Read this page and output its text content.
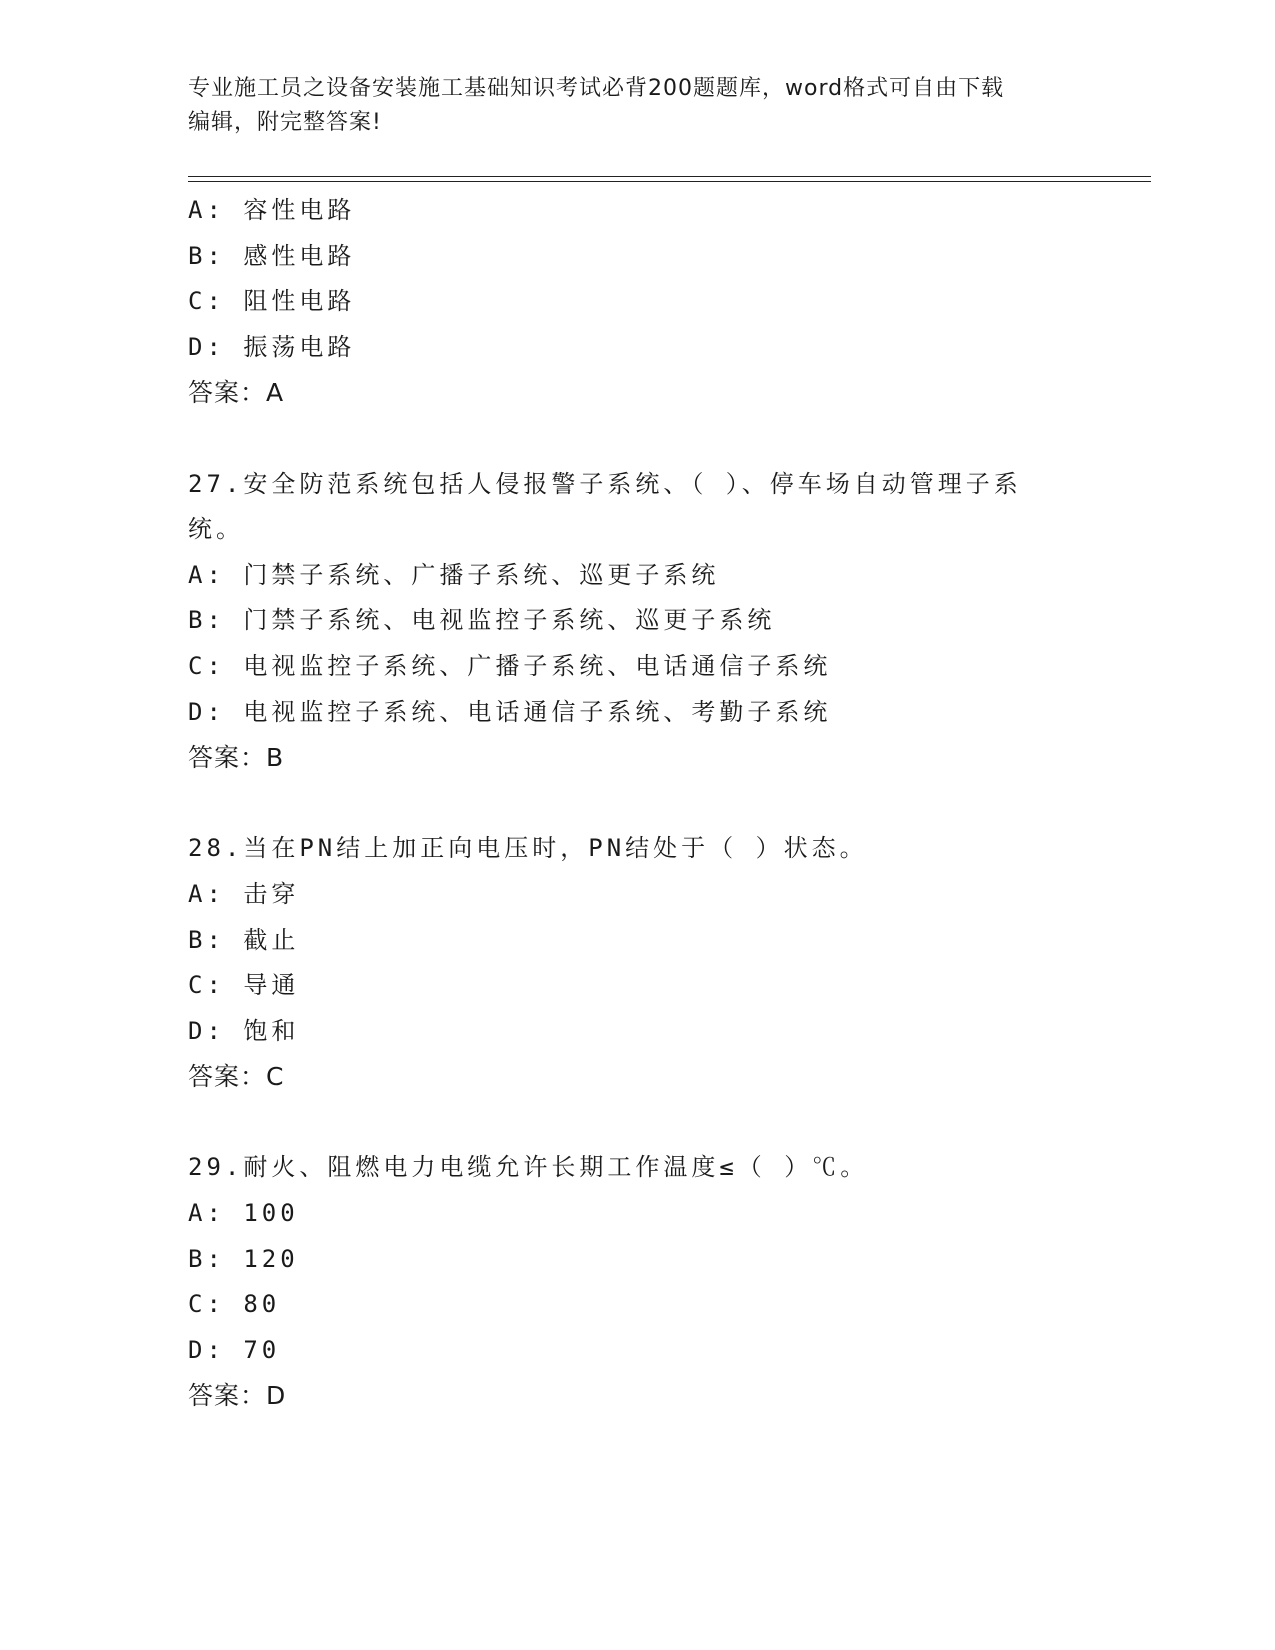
专业施工员之设备安装施工基础知识考试必背200题题库，word格式可自由下载
编辑，附完整答案!
A: 容性电路
B: 感性电路
C: 阻性电路
D: 振荡电路
答案：A
27.安全防范系统包括人侵报警子系统、（ ）、停车场自动管理子系统。
A: 门禁子系统、广播子系统、巡更子系统
B: 门禁子系统、电视监控子系统、巡更子系统
C: 电视监控子系统、广播子系统、电话通信子系统
D: 电视监控子系统、电话通信子系统、考勤子系统
答案：B
28.当在PN结上加正向电压时，PN结处于（ ）状态。
A: 击穿
B: 截止
C: 导通
D: 饱和
答案：C
29.耐火、阻燃电力电缆允许长期工作温度≤（ ）℃。
A: 100
B: 120
C: 80
D: 70
答案：D
